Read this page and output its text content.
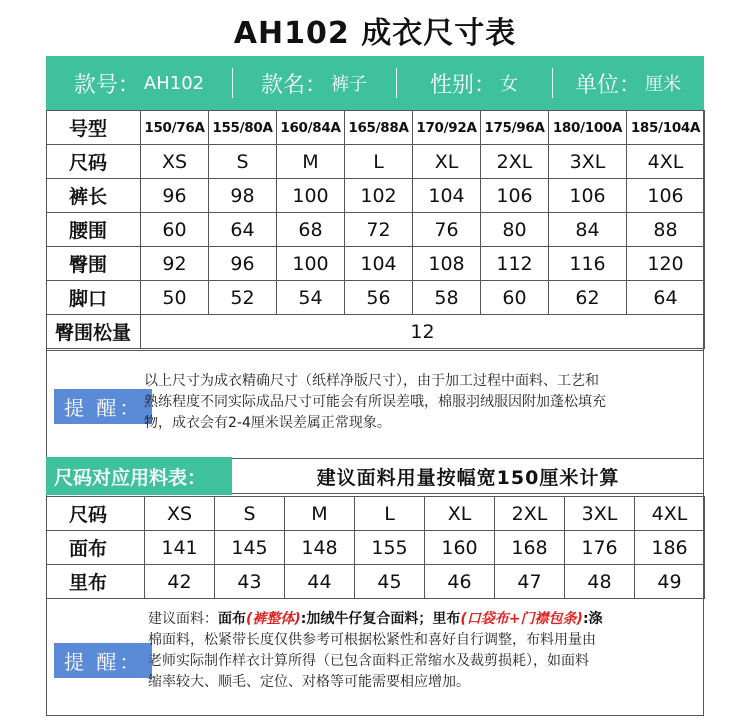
AH102 成衣尺寸表
款号： AH102	款名： 裤子	性别： 女	单位： 厘米
号型	150/76A	155/80A	160/84A	165/88A	170/92A	175/96A	180/100A	185/104A
尺码	XS	S	M	L	XL	2XL	3XL	4XL
裤长	96	98	100	102	104	106	106	106
腰围	60	64	68	72	76	80	84	88
臀围	92	96	100	104	108	112	116	120
脚口	50	52	54	56	58	60	62	64
臀围松量	12							
提 醒：
以上尺寸为成衣精确尺寸（纸样净版尺寸），由于加工过程中面料、工艺和
熟练程度不同实际成品尺寸可能会有所误差哦，棉服羽绒服因附加蓬松填充
物，成衣会有2-4厘米误差属正常现象。
尺码对应用料表：	建议面料用量按幅宽150厘米计算
尺码	XS	S	M	L	XL	2XL	3XL	4XL
面布	141	145	148	155	160	168	176	186
里布	42	43	44	45	46	47	48	49
提 醒：
建议面料：面布(裤整体):加绒牛仔复合面料；里布(口袋布+门襟包条):涤
棉面料，松紧带长度仅供参考可根据松紧性和喜好自行调整，布料用量由
老师实际制作样衣计算所得（已包含面料正常缩水及裁剪损耗），如面料
缩率较大、顺毛、定位、对格等可能需要相应增加。
